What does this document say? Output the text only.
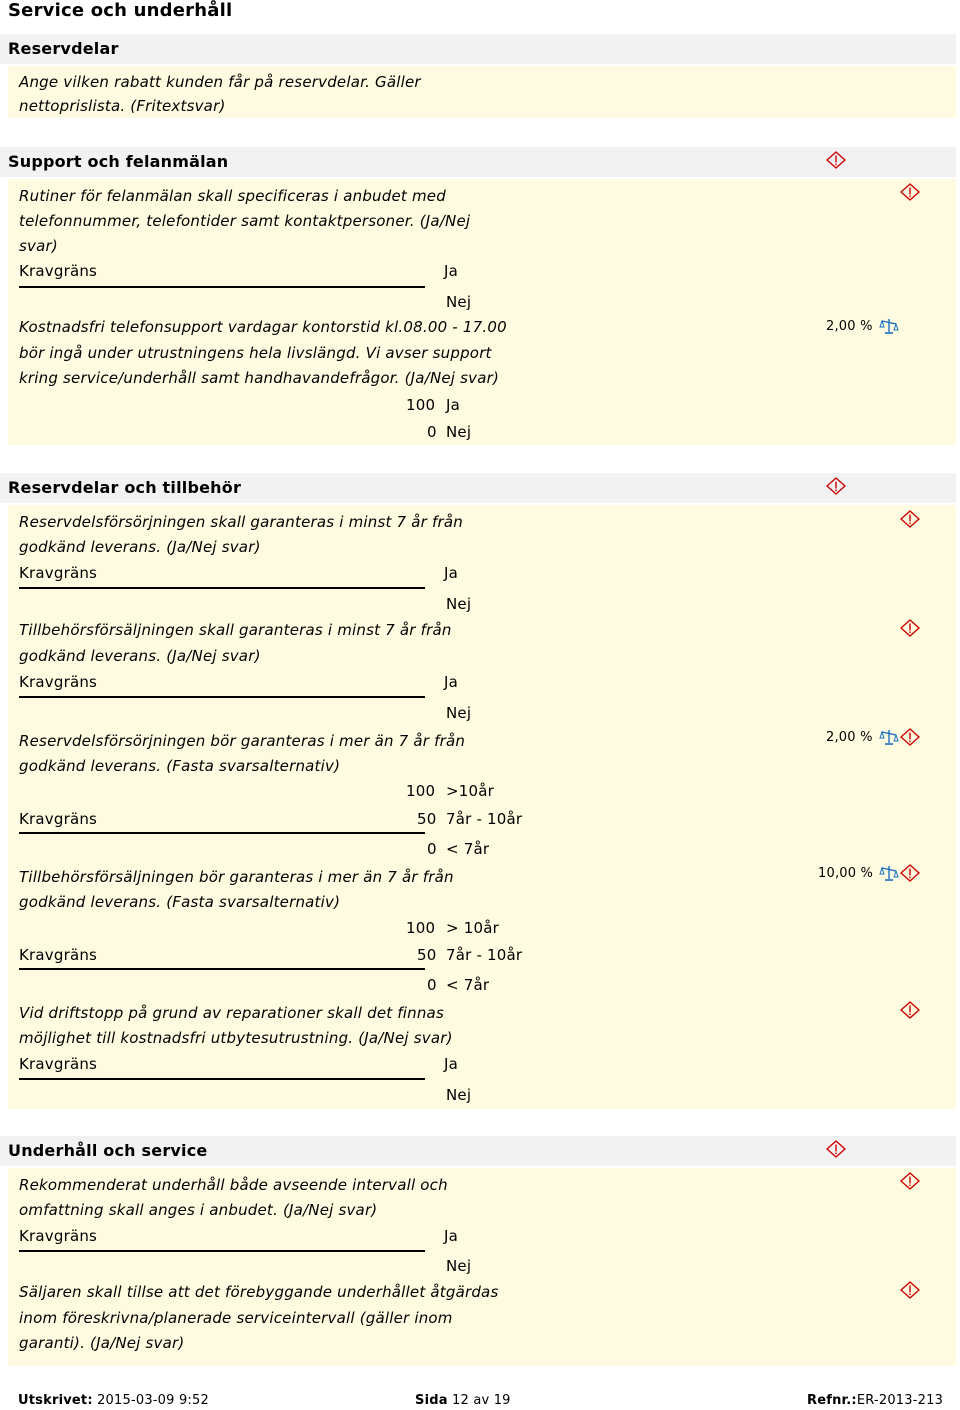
Service och underhåll
Reservdelar
Ange vilken rabatt kunden får på reservdelar. Gäller
nettoprislista. (Fritextsvar)
Support och felanmälan
Rutiner för felanmälan skall specificeras i anbudet med
telefonnummer, telefontider samt kontaktpersoner. (Ja/Nej
svar)
Kravgräns	Ja
Nej
Kostnadsfri telefonsupport vardagar kontorstid kl.08.00 - 17.00
bör ingå under utrustningens hela livslängd. Vi avser support
kring service/underhåll samt handhavandefrågor. (Ja/Nej svar)
2,00 %
100 Ja
0 Nej
Reservdelar och tillbehör
Reservdelsförsörjningen skall garanteras i minst 7 år från
godkänd leverans. (Ja/Nej svar)
Kravgräns	Ja
Nej
Tillbehörsförsäljningen skall garanteras i minst 7 år från
godkänd leverans. (Ja/Nej svar)
Kravgräns	Ja
Nej
Reservdelsförsörjningen bör garanteras i mer än 7 år från
godkänd leverans. (Fasta svarsalternativ)
2,00 %
100 >10år
Kravgräns	50 7år - 10år
0 < 7år
Tillbehörsförsäljningen bör garanteras i mer än 7 år från
godkänd leverans. (Fasta svarsalternativ)
10,00 %
100 > 10år
Kravgräns	50 7år - 10år
0 < 7år
Vid driftstopp på grund av reparationer skall det finnas
möjlighet till kostnadsfri utbytesutrustning. (Ja/Nej svar)
Kravgräns	Ja
Nej
Underhåll och service
Rekommenderat underhåll både avseende intervall och
omfattning skall anges i anbudet. (Ja/Nej svar)
Kravgräns	Ja
Nej
Säljaren skall tillse att det förebyggande underhållet åtgärdas
inom föreskrivna/planerade serviceintervall (gäller inom
garanti). (Ja/Nej svar)
Utskrivet: 2015-03-09 9:52	Sida 12 av 19	Refnr.:ER-2013-213
